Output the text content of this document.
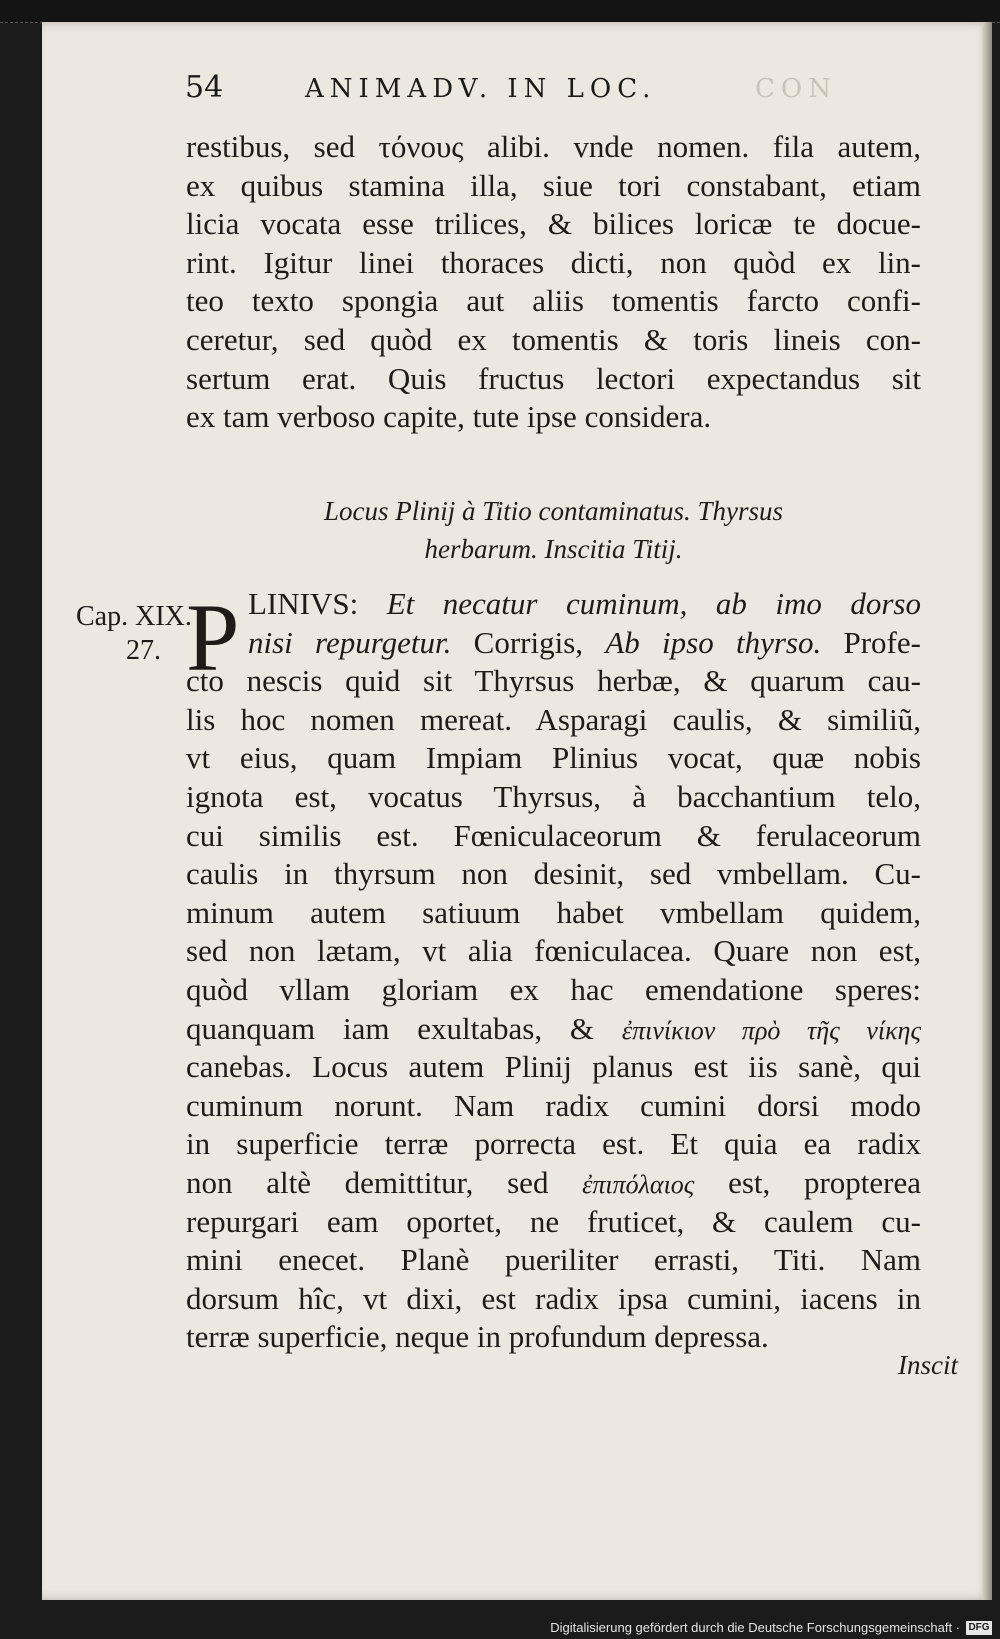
54	ANIMADV. IN LOC.	CON
restibus, sed τόνους alibi. vnde nomen. fila autem,
ex quibus stamina illa, siue tori constabant, etiam
licia vocata esse trilices, & bilices loricæ te docue-
rint. Igitur linei thoraces dicti, non quòd ex lin-
teo texto spongia aut aliis tomentis farcto confi-
ceretur, sed quòd ex tomentis & toris lineis con-
sertum erat. Quis fructus lectori expectandus sit
ex tam verboso capite, tute ipse considera.
Locus Plinij à Titio contaminatus. Thyrsus
herbarum. Inscitia Titij.
Cap. XIX.
27. P LINIVS: Et necatur cuminum, ab imo dorso
nisi repurgetur. Corrigis, Ab ipso thyrso. Profe-
cto nescis quid sit Thyrsus herbæ, & quarum cau-
lis hoc nomen mereat. Asparagi caulis, & similiũ,
vt eius, quam Impiam Plinius vocat, quæ nobis
ignota est, vocatus Thyrsus, à bacchantium telo,
cui similis est. Fœniculaceorum & ferulaceorum
caulis in thyrsum non desinit, sed vmbellam. Cu-
minum autem satiuum habet vmbellam quidem,
sed non lætam, vt alia fœniculacea. Quare non est,
quòd vllam gloriam ex hac emendatione speres:
quanquam iam exultabas, & ἐπινίκιον πρὸ τῆς νίκης
canebas. Locus autem Plinij planus est iis sanè, qui
cuminum norunt. Nam radix cumini dorsi modo
in superficie terræ porrecta est. Et quia ea radix
non altè demittitur, sed ἐπιπόλαιος est, propterea
repurgari eam oportet, ne fruticet, & caulem cu-
mini enecet. Planè pueriliter errasti, Titi. Nam
dorsum hîc, vt dixi, est radix ipsa cumini, iacens in
terræ superficie, neque in profundum depressa.
Inscit
Digitalisierung gefördert durch die Deutsche Forschungsgemeinschaft · DFG
